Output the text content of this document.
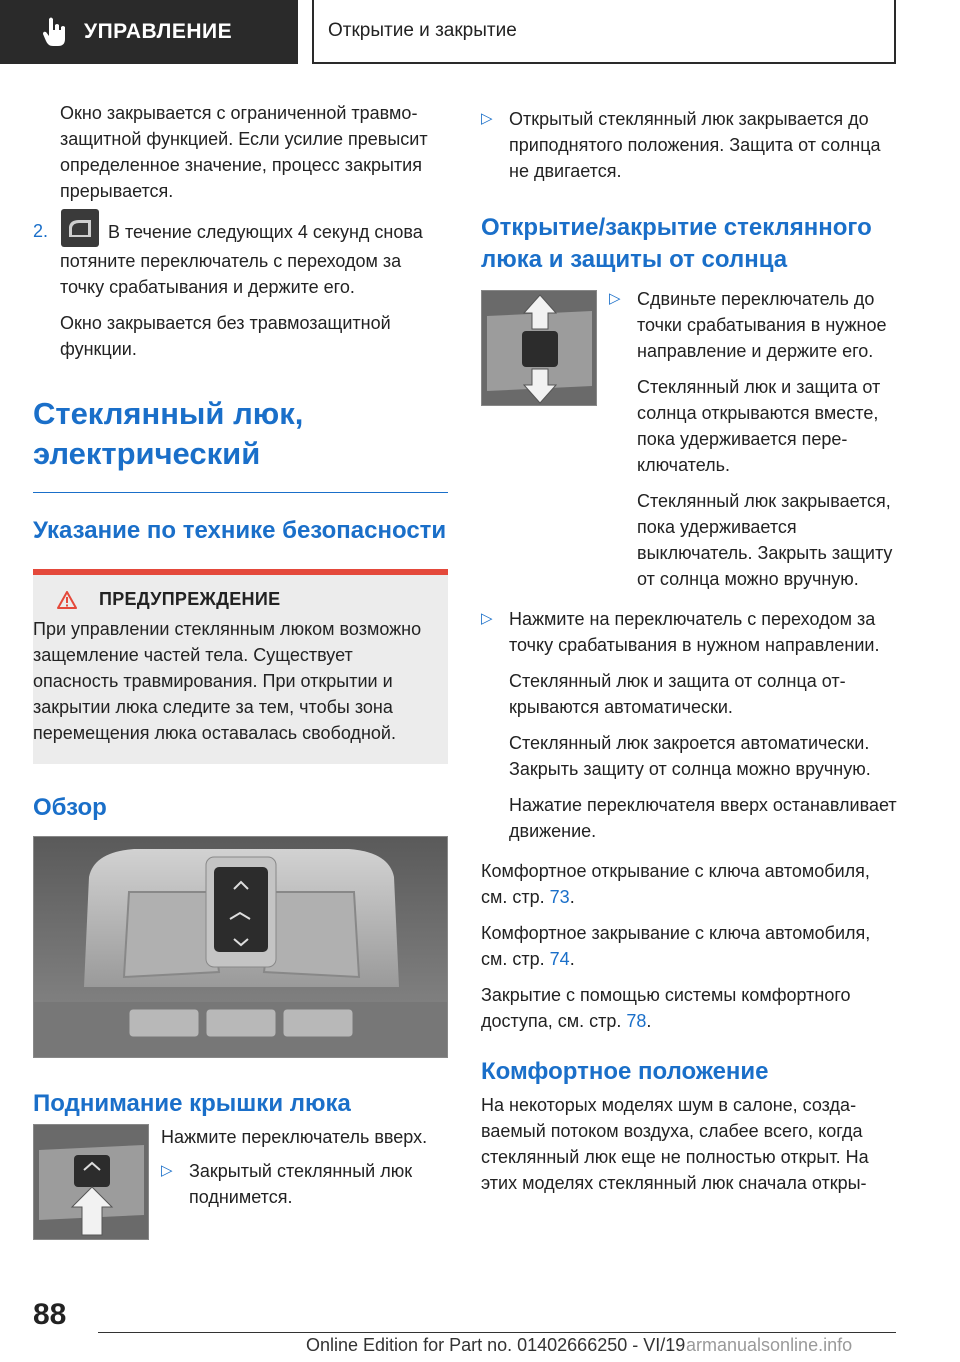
УПРАВЛЕНИЕ	Открытие и закрытие

Окно закрывается с ограниченной травмозащитной функцией. Если усилие превысит определенное значение, процесс закрытия прерывается.

2.	В течение следующих 4 секунд снова потяните переключатель с переходом за точку срабатывания и держите его.

Окно закрывается без травмозащитной функции.

Стеклянный люк, электрический
Указание по технике безопасности
ПРЕДУПРЕЖДЕНИЕ

При управлении стеклянным люком возможно защемление частей тела. Существует опасность травмирования. При открытии и закрытии люка следите за тем, чтобы зона перемещения люка оставалась свободной.

Обзор
Поднимание крышки люка

Нажмите переключатель вверх.

▷ Закрытый стеклянный люк поднимется.

▷ Открытый стеклянный люк закрывается до приподнятого положения. Защита от солнца не двигается.

Открытие/закрытие стеклянного люка и защиты от солнца
▷ Сдвиньте переключатель до точки срабатывания в нужное направление и держите его.

Стеклянный люк и защита от солнца открываются вместе, пока удерживается переключатель.

Стеклянный люк закрывается, пока удерживается выключатель. Закрыть защиту от солнца можно вручную.

▷ Нажмите на переключатель с переходом за точку срабатывания в нужном направлении.

Стеклянный люк и защита от солнца открываются автоматически.

Стеклянный люк закроется автоматически. Закрыть защиту от солнца можно вручную.

Нажатие переключателя вверх останавливает движение.

Комфортное открывание с ключа автомобиля, см. стр. 73.

Комфортное закрывание с ключа автомобиля, см. стр. 74.

Закрытие с помощью системы комфортного доступа, см. стр. 78.

Комфортное положение

На некоторых моделях шум в салоне, создаваемый потоком воздуха, слабее всего, когда стеклянный люк еще не полностью открыт. На этих моделях стеклянный люк сначала откры-

88
Online Edition for Part no. 01402666250 - VI/19 armanualsonline.info
